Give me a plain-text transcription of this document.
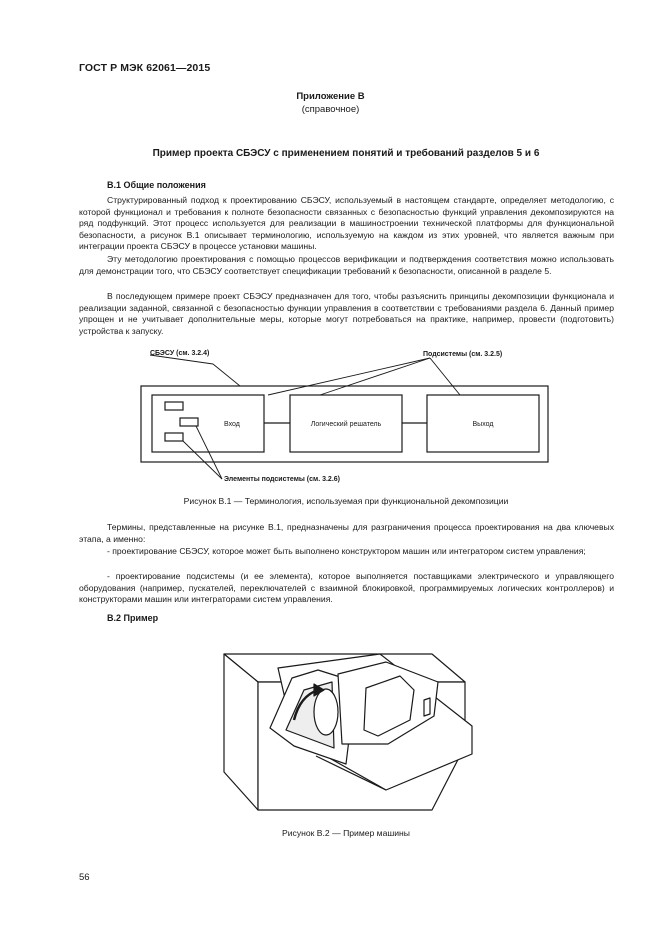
ГОСТ Р МЭК 62061—2015
Приложение В
(справочное)
Пример проекта СБЭСУ с применением понятий и требований разделов 5 и 6
В.1 Общие положения

Структурированный подход к проектированию СБЭСУ, используемый в настоящем стандарте, определяет методологию, с которой функционал и требования к полноте безопасности связанных с безопасностью функций управления декомпозируются на ряд подфункций. Этот процесс используется для реализации в машиностроении технической платформы для функциональной безопасности, а рисунок В.1 описывает терминологию, используемую на каждом из этих уровней, что является важным при интеграции проекта СБЭСУ в процессе установки машины.

Эту методологию проектирования с помощью процессов верификации и подтверждения соответствия можно использовать для демонстрации того, что СБЭСУ соответствует спецификации требований к безопасности, описанной в разделе 5.

В последующем примере проект СБЭСУ предназначен для того, чтобы разъяснить принципы декомпозиции функционала и реализации заданной, связанной с безопасностью функции управления в соответствии с требованиями раздела 6. Данный пример упрощен и не учитывает дополнительные меры, которые могут потребоваться на практике, например, провести (подготовить) устройства к запуску.

СБЭСУ (см. 3.2.4)	Подсистемы (см. 3.2.5)
Вход	Логический решатель	Выход
Элементы подсистемы (см. 3.2.6)
Рисунок В.1 — Терминология, используемая при функциональной декомпозиции

Термины, представленные на рисунке В.1, предназначены для разграничения процесса проектирования на два ключевых этапа, а именно:

- проектирование СБЭСУ, которое может быть выполнено конструктором машин или интегратором систем управления;

- проектирование подсистемы (и ее элемента), которое выполняется поставщиками электрического и управляющего оборудования (например, пускателей, переключателей с взаимной блокировкой, программируемых логических контроллеров) и конструкторами машин или интеграторами систем управления.

В.2 Пример
Рисунок В.2 — Пример машины
56
